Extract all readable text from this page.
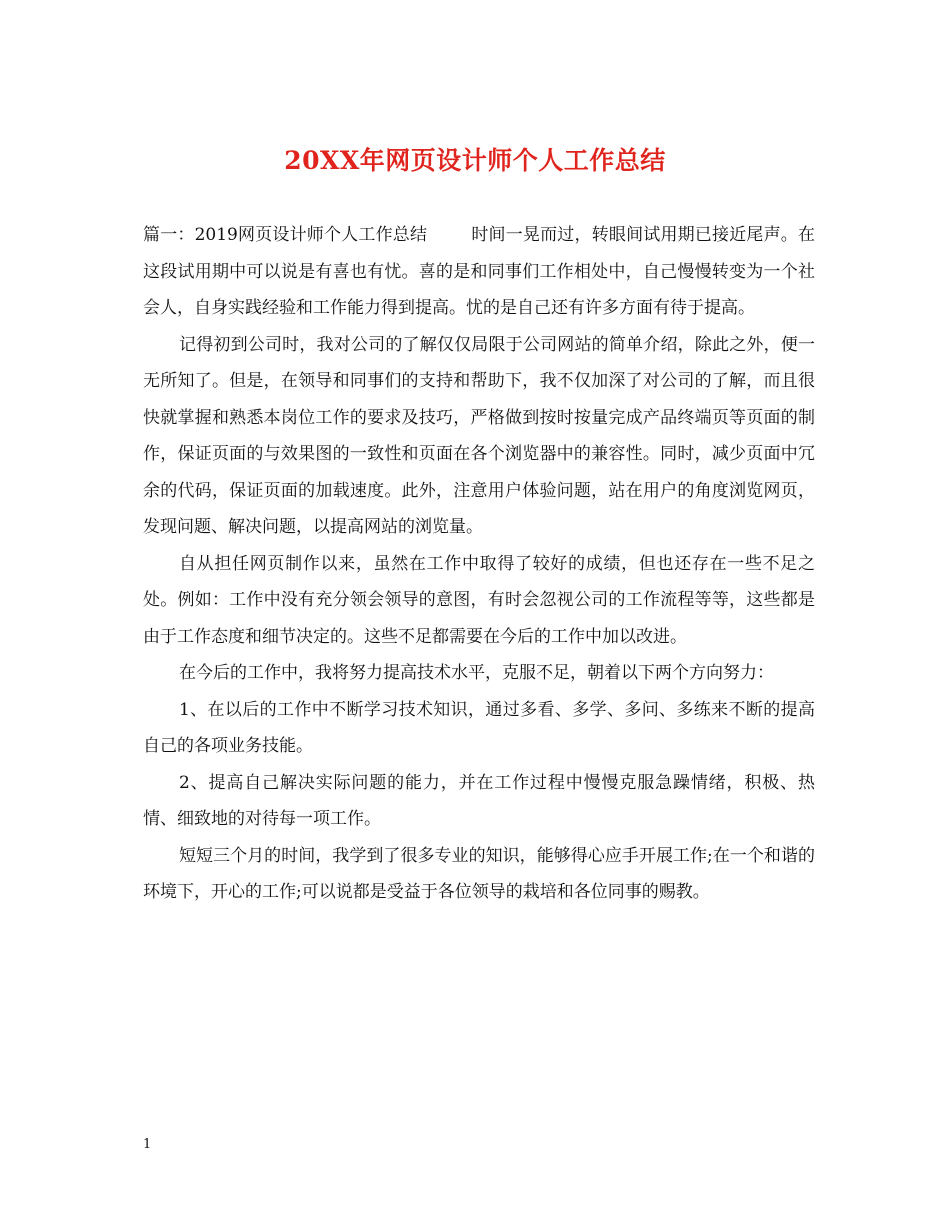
20XX年网页设计师个人工作总结

篇一：2019网页设计师个人工作总结	时间一晃而过，转眼间试用期已接近尾声。在这段试用期中可以说是有喜也有忧。喜的是和同事们工作相处中，自己慢慢转变为一个社会人，自身实践经验和工作能力得到提高。忧的是自己还有许多方面有待于提高。

记得初到公司时，我对公司的了解仅仅局限于公司网站的简单介绍，除此之外，便一无所知了。但是，在领导和同事们的支持和帮助下，我不仅加深了对公司的了解，而且很快就掌握和熟悉本岗位工作的要求及技巧，严格做到按时按量完成产品终端页等页面的制作，保证页面的与效果图的一致性和页面在各个浏览器中的兼容性。同时，减少页面中冗余的代码，保证页面的加载速度。此外，注意用户体验问题，站在用户的角度浏览网页，发现问题、解决问题，以提高网站的浏览量。

自从担任网页制作以来，虽然在工作中取得了较好的成绩，但也还存在一些不足之处。例如：工作中没有充分领会领导的意图，有时会忽视公司的工作流程等等，这些都是由于工作态度和细节决定的。这些不足都需要在今后的工作中加以改进。

在今后的工作中，我将努力提高技术水平，克服不足，朝着以下两个方向努力：

1、在以后的工作中不断学习技术知识，通过多看、多学、多问、多练来不断的提高自己的各项业务技能。

2、提高自己解决实际问题的能力，并在工作过程中慢慢克服急躁情绪，积极、热情、细致地的对待每一项工作。

短短三个月的时间，我学到了很多专业的知识，能够得心应手开展工作;在一个和谐的环境下，开心的工作;可以说都是受益于各位领导的栽培和各位同事的赐教。

1
